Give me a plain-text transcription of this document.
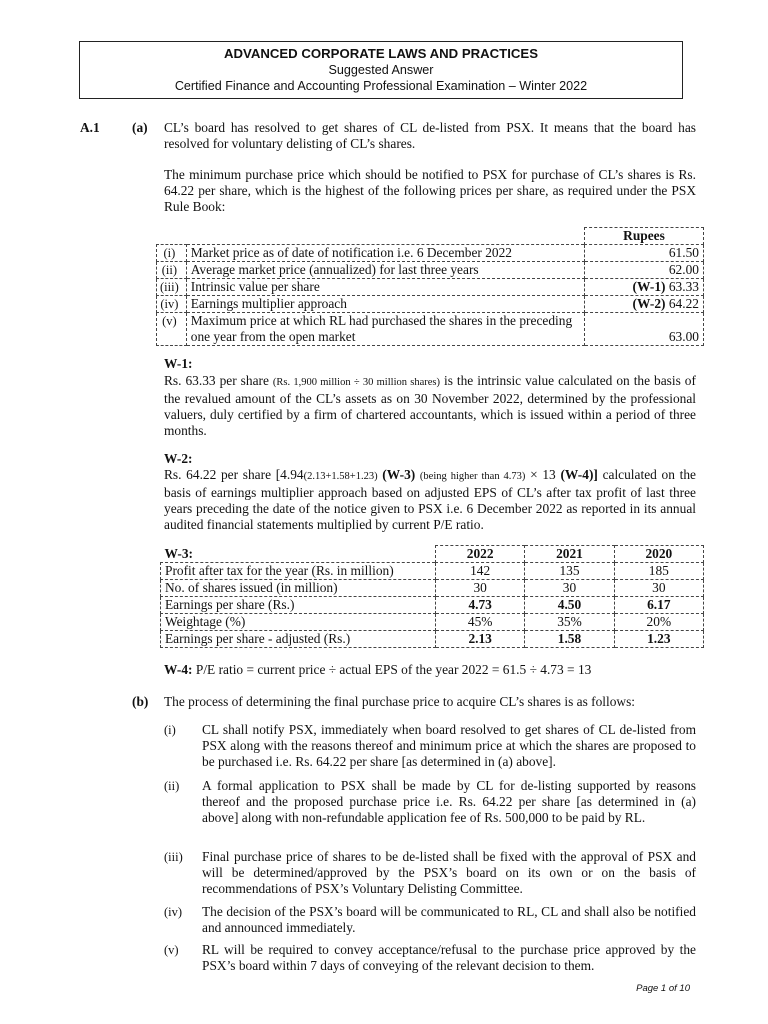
ADVANCED CORPORATE LAWS AND PRACTICES
Suggested Answer
Certified Finance and Accounting Professional Examination – Winter 2022
A.1 (a) CL’s board has resolved to get shares of CL de-listed from PSX. It means that the board has resolved for voluntary delisting of CL’s shares.
The minimum purchase price which should be notified to PSX for purchase of CL’s shares is Rs. 64.22 per share, which is the highest of the following prices per share, as required under the PSX Rule Book:
		Rupees
(i)	Market price as of date of notification i.e. 6 December 2022	61.50
(ii)	Average market price (annualized) for last three years	62.00
(iii)	Intrinsic value per share	(W-1) 63.33
(iv)	Earnings multiplier approach	(W-2) 64.22
(v)	Maximum price at which RL had purchased the shares in the preceding one year from the open market	63.00
W-1:
Rs. 63.33 per share (Rs. 1,900 million ÷ 30 million shares) is the intrinsic value calculated on the basis of the revalued amount of the CL’s assets as on 30 November 2022, determined by the professional valuers, duly certified by a firm of chartered accountants, which is issued within a period of three months.
W-2:
Rs. 64.22 per share [4.94(2.13+1.58+1.23) (W-3) (being higher than 4.73) × 13 (W-4)] calculated on the basis of earnings multiplier approach based on adjusted EPS of CL’s after tax profit of last three years preceding the date of the notice given to PSX i.e. 6 December 2022 as reported in its annual audited financial statements multiplied by current P/E ratio.
W-3:	2022	2021	2020
Profit after tax for the year (Rs. in million)	142	135	185
No. of shares issued (in million)	30	30	30
Earnings per share (Rs.)	4.73	4.50	6.17
Weightage (%)	45%	35%	20%
Earnings per share - adjusted (Rs.)	2.13	1.58	1.23
W-4: P/E ratio = current price ÷ actual EPS of the year 2022 = 61.5 ÷ 4.73 = 13
(b) The process of determining the final purchase price to acquire CL’s shares is as follows:
(i) CL shall notify PSX, immediately when board resolved to get shares of CL de-listed from PSX along with the reasons thereof and minimum price at which the shares are proposed to be purchased i.e. Rs. 64.22 per share [as determined in (a) above].
(ii) A formal application to PSX shall be made by CL for de-listing supported by reasons thereof and the proposed purchase price i.e. Rs. 64.22 per share [as determined in (a) above] along with non-refundable application fee of Rs. 500,000 to be paid by RL.
(iii) Final purchase price of shares to be de-listed shall be fixed with the approval of PSX and will be determined/approved by the PSX’s board on its own or on the basis of recommendations of PSX’s Voluntary Delisting Committee.
(iv) The decision of the PSX’s board will be communicated to RL, CL and shall also be notified and announced immediately.
(v) RL will be required to convey acceptance/refusal to the purchase price approved by the PSX’s board within 7 days of conveying of the relevant decision to them.
Page 1 of 10
